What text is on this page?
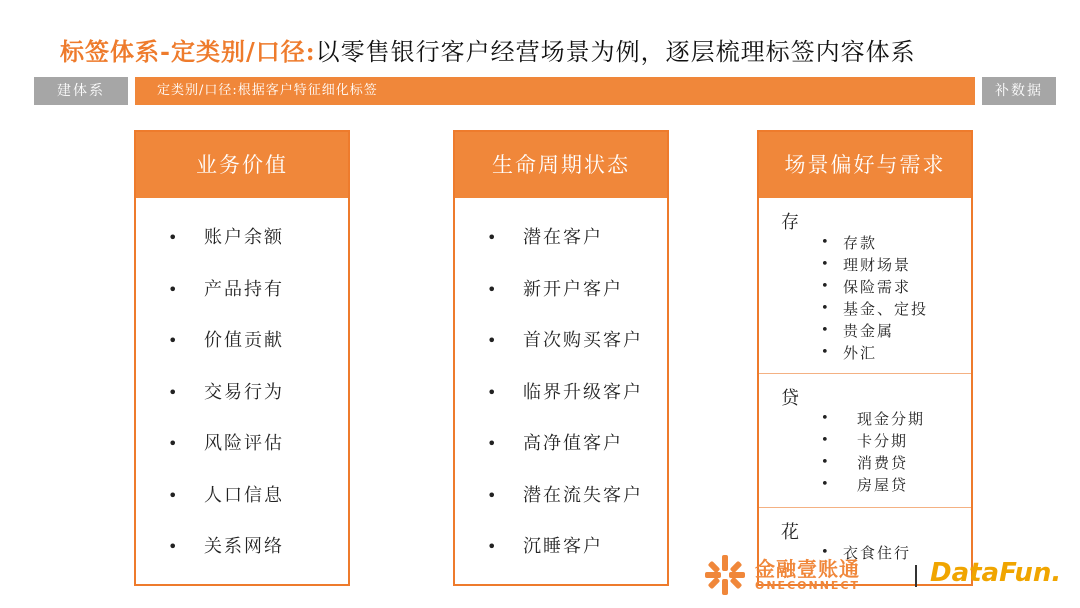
标签体系-定类别/口径:以零售银行客户经营场景为例，逐层梳理标签内容体系
建体系	定类别/口径:根据客户特征细化标签	补数据
业务价值
• 账户余额
• 产品持有
• 价值贡献
• 交易行为
• 风险评估
• 人口信息
• 关系网络
生命周期状态
• 潜在客户
• 新开户客户
• 首次购买客户
• 临界升级客户
• 高净值客户
• 潜在流失客户
• 沉睡客户
场景偏好与需求
存
• 存款
• 理财场景
• 保险需求
• 基金、定投
• 贵金属
• 外汇
贷
• 现金分期
• 卡分期
• 消费贷
• 房屋贷
花
• 衣食住行
金融壹账通
ONECONNECT	DataFun.
